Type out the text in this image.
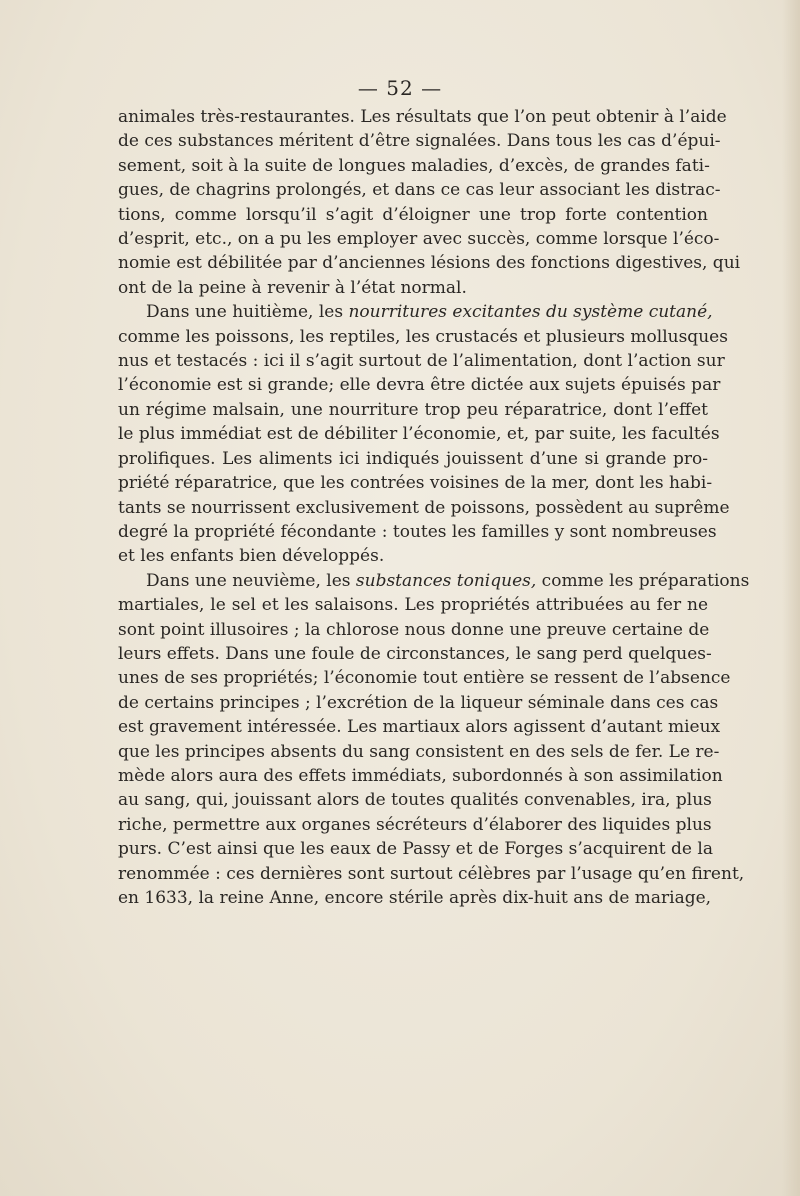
— 52 —
animales très-restaurantes. Les résultats que l’on peut obtenir à l’aide
de ces substances méritent d’être signalées. Dans tous les cas d’épui-
sement, soit à la suite de longues maladies, d’excès, de grandes fati-
gues, de chagrins prolongés, et dans ce cas leur associant les distrac-
tions, comme lorsqu’il s’agit d’éloigner une trop forte contention
d’esprit, etc., on a pu les employer avec succès, comme lorsque l’éco-
nomie est débilitée par d’anciennes lésions des fonctions digestives, qui
ont de la peine à revenir à l’état normal.
Dans une huitième, les nourritures excitantes du système cutané,
comme les poissons, les reptiles, les crustacés et plusieurs mollusques
nus et testacés : ici il s’agit surtout de l’alimentation, dont l’action sur
l’économie est si grande; elle devra être dictée aux sujets épuisés par
un régime malsain, une nourriture trop peu réparatrice, dont l’effet
le plus immédiat est de débiliter l’économie, et, par suite, les facultés
prolifiques. Les aliments ici indiqués jouissent d’une si grande pro-
priété réparatrice, que les contrées voisines de la mer, dont les habi-
tants se nourrissent exclusivement de poissons, possèdent au suprême
degré la propriété fécondante : toutes les familles y sont nombreuses
et les enfants bien développés.
Dans une neuvième, les substances toniques, comme les préparations
martiales, le sel et les salaisons. Les propriétés attribuées au fer ne
sont point illusoires ; la chlorose nous donne une preuve certaine de
leurs effets. Dans une foule de circonstances, le sang perd quelques-
unes de ses propriétés; l’économie tout entière se ressent de l’absence
de certains principes ; l’excrétion de la liqueur séminale dans ces cas
est gravement intéressée. Les martiaux alors agissent d’autant mieux
que les principes absents du sang consistent en des sels de fer. Le re-
mède alors aura des effets immédiats, subordonnés à son assimilation
au sang, qui, jouissant alors de toutes qualités convenables, ira, plus
riche, permettre aux organes sécréteurs d’élaborer des liquides plus
purs. C’est ainsi que les eaux de Passy et de Forges s’acquirent de la
renommée : ces dernières sont surtout célèbres par l’usage qu’en firent,
en 1633, la reine Anne, encore stérile après dix-huit ans de mariage,
